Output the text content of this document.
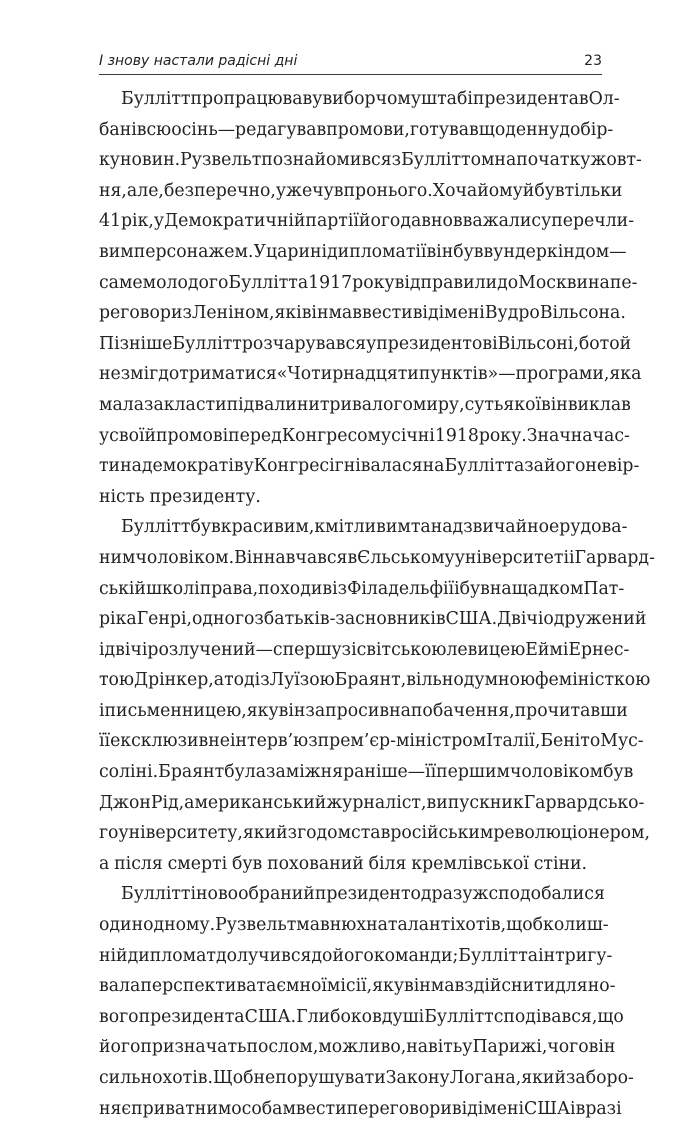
І знову настали радісні дні	23
Буллітт пропрацював у виборчому штабі президента в Ол-
бані всю осінь — редагував промови, готував щоденну добір-
ку новин. Рузвельт познайомився з Булліттом на початку жовт-
ня, але, безперечно, уже чув про нього. Хоча йому й був тільки
41 рік, у Демократичній партії його давно вважали суперечли-
вим персонажем. У царині дипломатії він був вундеркіндом —
саме молодого Буллітта 1917 року відправили до Москви на пе-
реговори з Леніном, які він мав вести від імені Вудро Вільсона.
Пізніше Буллітт розчарувався у президентові Вільсоні, бо той
не зміг дотриматися «Чотирнадцяти пунктів» — програми, яка
мала закласти підвалини тривалого миру, суть якої він виклав
у своїй промові перед Конгресом у січні 1918 року. Значна час-
тина демократів у Конгресі гнівалася на Буллітта за його невір-
ність президенту.
Буллітт був красивим, кмітливим та надзвичайно ерудова-
ним чоловіком. Він навчався в Єльському університеті і Гарвард-
ській школі права, походив із Філадельфії і був нащадком Пат-
ріка Генрі, одного з батьків-засновників США. Двічі одружений
і двічі розлучений — спершу зі світською левицею Еймі Ернес-
тою Дрінкер, а тоді з Луїзою Браянт, вільнодумною феміністкою
і письменницею, яку він запросив на побачення, прочитавши
її ексклюзивне інтерв’ю з прем’єр-міністром Італії, Беніто Мус-
соліні. Браянт була заміжня раніше — її першим чоловіком був
Джон Рід, американський журналіст, випускник Гарвардсько-
го університету, який згодом став російським революціонером,
а після смерті був похований біля кремлівської стіни.
Буллітт і новообраний президент одразу ж сподобалися
один одному. Рузвельт мав нюх на талант і хотів, щоб колиш-
ній дипломат долучився до його команди; Буллітта інтригу-
вала перспектива таємної місії, яку він мав здійснити для но-
вого президента США. Глибоко в душі Буллітт сподівався, що
його призначать послом, можливо, навіть у Парижі, чого він
сильно хотів. Щоб не порушувати Закону Логана, який заборо-
няє приватним особам вести переговори від імені США і в разі
